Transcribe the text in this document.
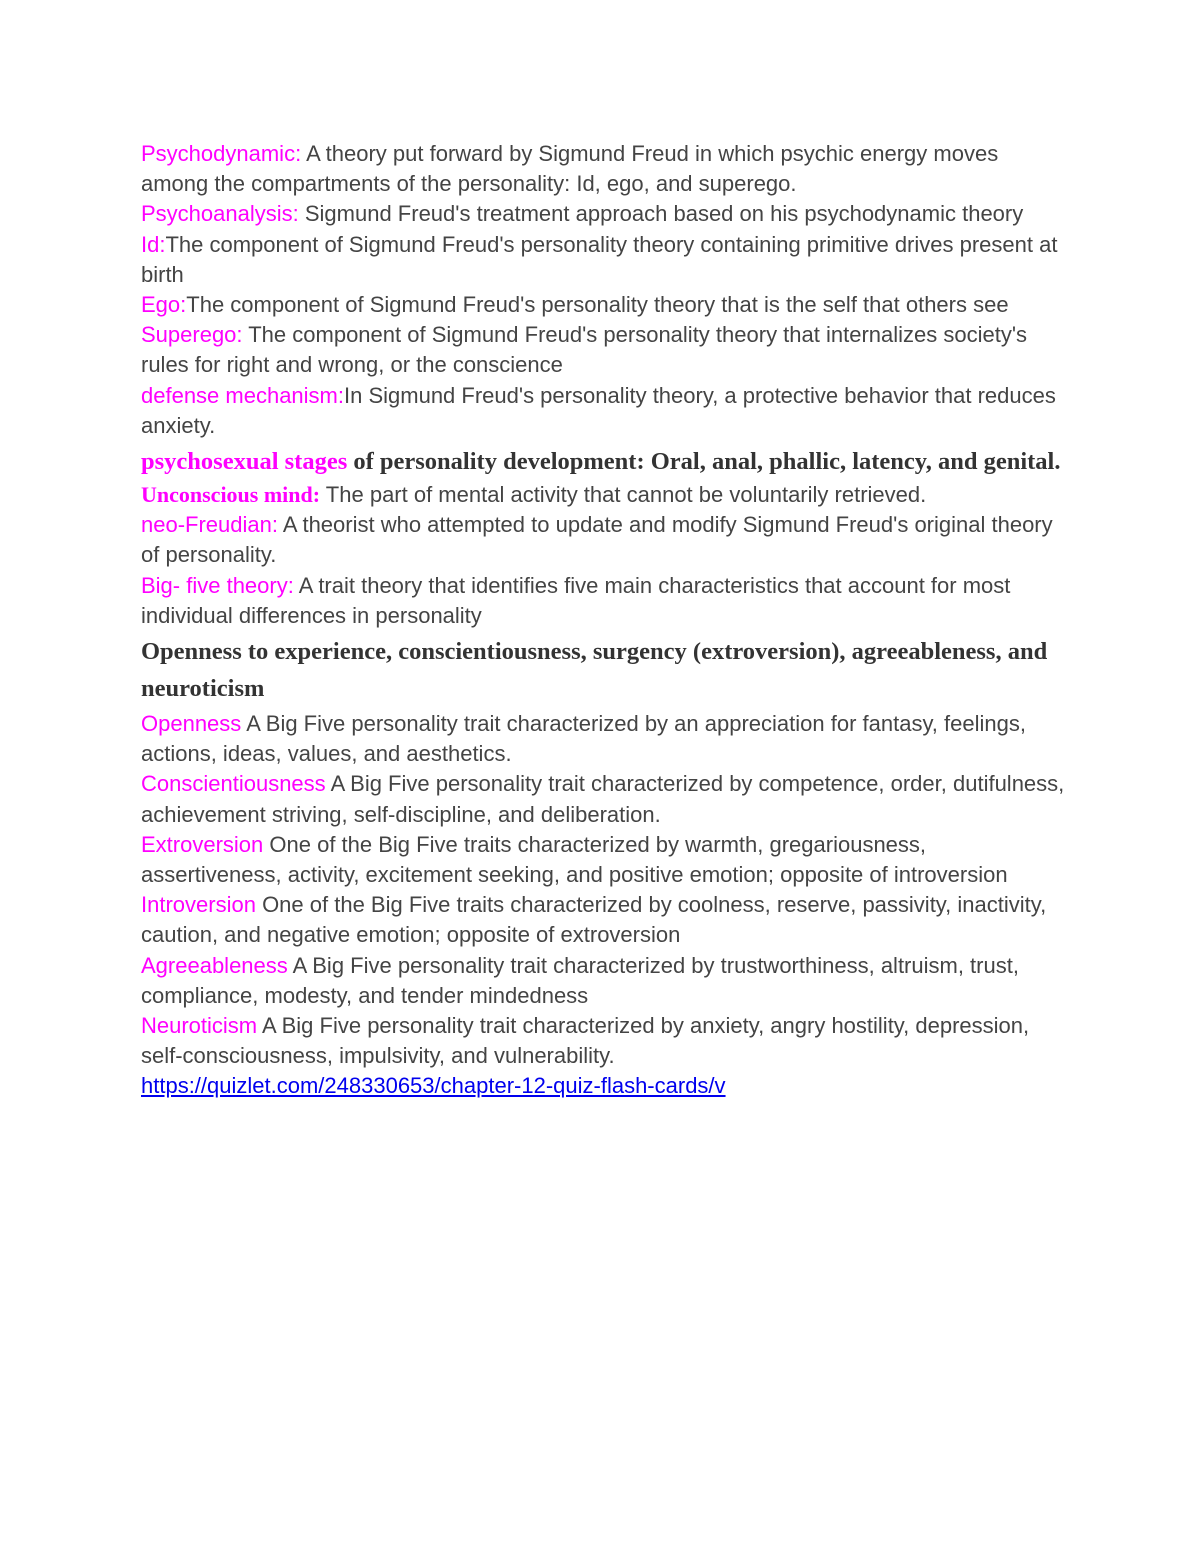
Psychodynamic: A theory put forward by Sigmund Freud in which psychic energy moves among the compartments of the personality: Id, ego, and superego.

Psychoanalysis: Sigmund Freud's treatment approach based on his psychodynamic theory

Id:The component of Sigmund Freud's personality theory containing primitive drives present at birth

Ego:The component of Sigmund Freud's personality theory that is the self that others see

Superego: The component of Sigmund Freud's personality theory that internalizes society's rules for right and wrong, or the conscience

defense mechanism:In Sigmund Freud's personality theory, a protective behavior that reduces anxiety.

psychosexual stages of personality development: Oral, anal, phallic, latency, and genital.

Unconscious mind: The part of mental activity that cannot be voluntarily retrieved.

neo-Freudian: A theorist who attempted to update and modify Sigmund Freud's original theory of personality.

Big- five theory: A trait theory that identifies five main characteristics that account for most individual differences in personality

Openness to experience, conscientiousness, surgency (extroversion), agreeableness, and neuroticism

Openness A Big Five personality trait characterized by an appreciation for fantasy, feelings, actions, ideas, values, and aesthetics.

Conscientiousness A Big Five personality trait characterized by competence, order, dutifulness, achievement striving, self-discipline, and deliberation.

Extroversion One of the Big Five traits characterized by warmth, gregariousness, assertiveness, activity, excitement seeking, and positive emotion; opposite of introversion

Introversion One of the Big Five traits characterized by coolness, reserve, passivity, inactivity, caution, and negative emotion; opposite of extroversion

Agreeableness A Big Five personality trait characterized by trustworthiness, altruism, trust, compliance, modesty, and tender mindedness

Neuroticism A Big Five personality trait characterized by anxiety, angry hostility, depression, self-consciousness, impulsivity, and vulnerability.

https://quizlet.com/248330653/chapter-12-quiz-flash-cards/v
